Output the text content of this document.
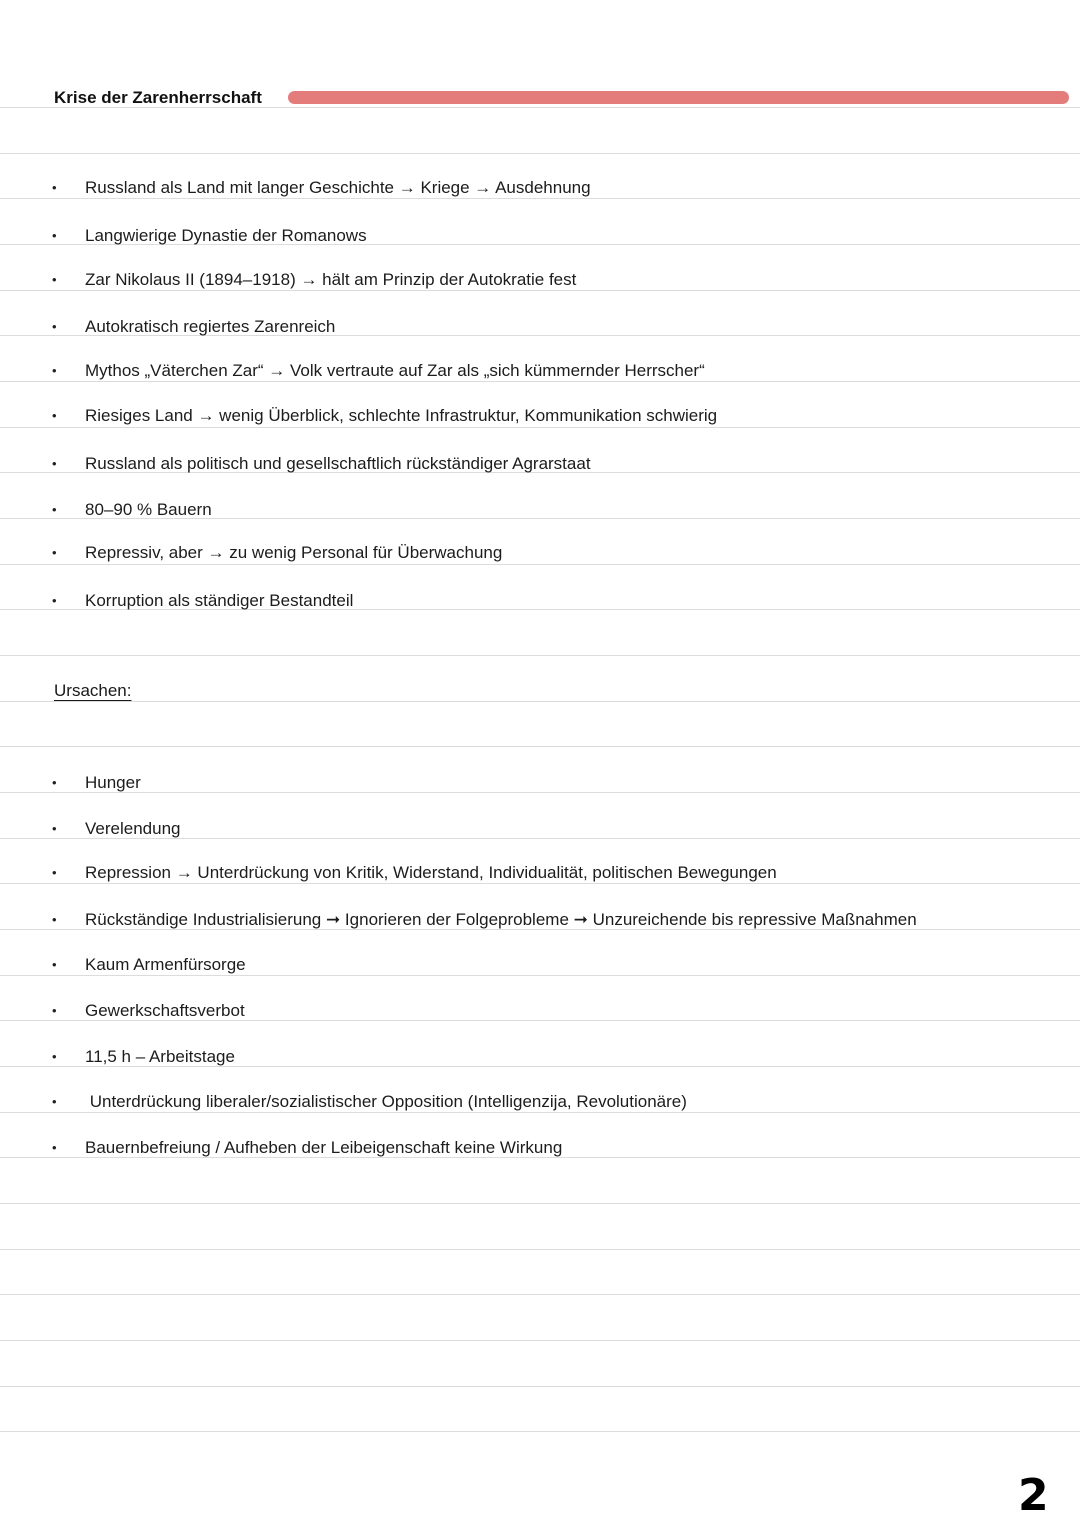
Krise der Zarenherrschaft
• Russland als Land mit langer Geschichte → Kriege → Ausdehnung
• Langwierige Dynastie der Romanows
• Zar Nikolaus II (1894–1918) → hält am Prinzip der Autokratie fest
• Autokratisch regiertes Zarenreich
• Mythos „Väterchen Zar“ → Volk vertraute auf Zar als „sich kümmernder Herrscher“
• Riesiges Land → wenig Überblick, schlechte Infrastruktur, Kommunikation schwierig
• Russland als politisch und gesellschaftlich rückständiger Agrarstaat
• 80–90 % Bauern
• Repressiv, aber → zu wenig Personal für Überwachung
• Korruption als ständiger Bestandteil
Ursachen:
• Hunger
• Verelendung
• Repression → Unterdrückung von Kritik, Widerstand, Individualität, politischen Bewegungen
• Rückständige Industrialisierung ➞ Ignorieren der Folgeprobleme ➞ Unzureichende bis repressive Maßnahmen
• Kaum Armenfürsorge
• Gewerkschaftsverbot
• 11,5 h – Arbeitstage
• Unterdrückung liberaler/sozialistischer Opposition (Intelligenzija, Revolutionäre)
• Bauernbefreiung / Aufheben der Leibeigenschaft keine Wirkung
2
